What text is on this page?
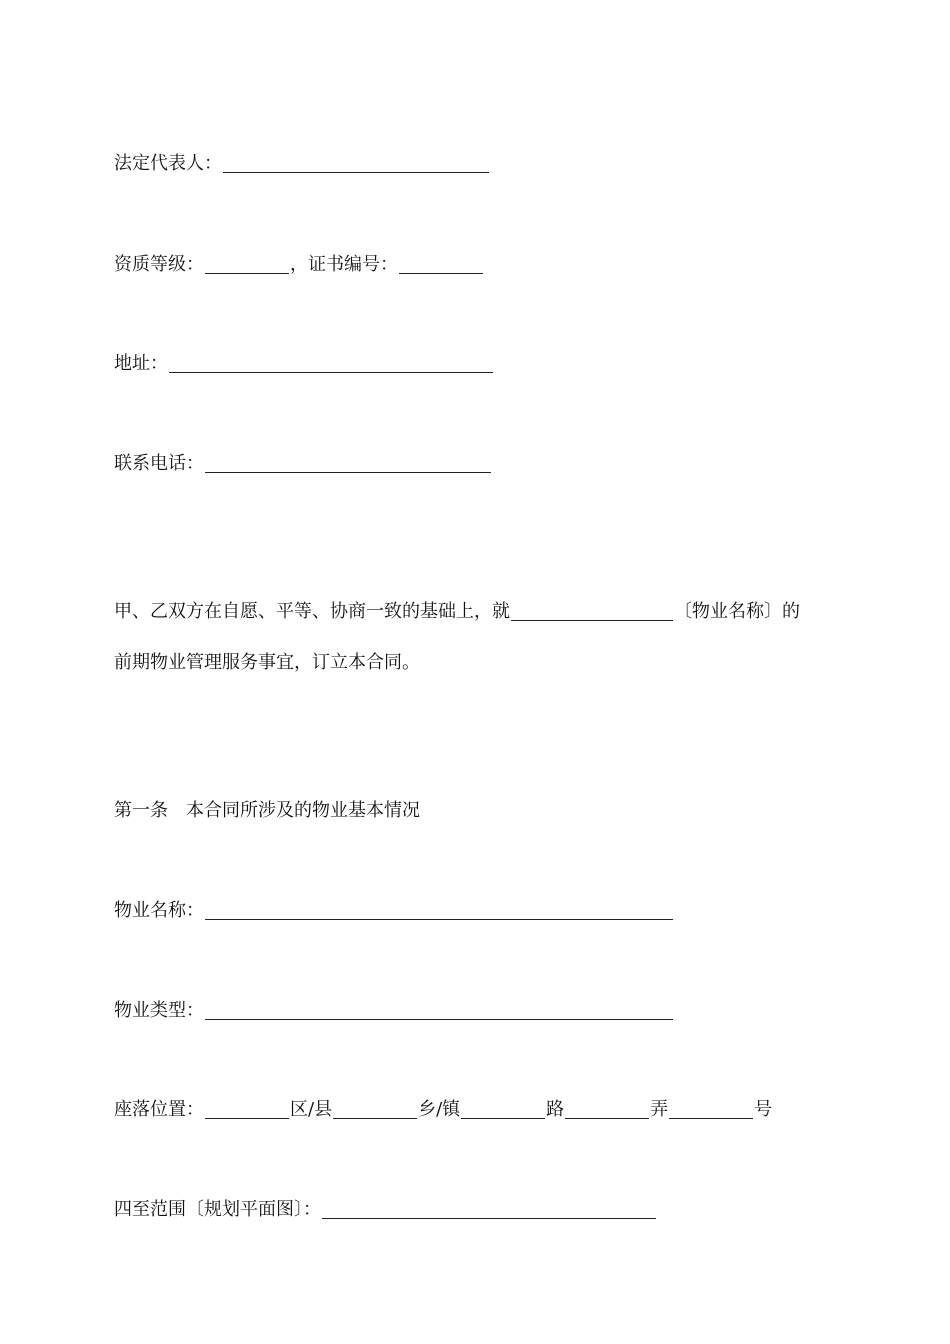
法定代表人：
资质等级：	，证书编号：
地址：
联系电话：
甲、乙双方在自愿、平等、协商一致的基础上，就	〔物业名称〕的
前期物业管理服务事宜，订立本合同。
第一条　本合同所涉及的物业基本情况
物业名称：
物业类型：
座落位置：	区/县	乡/镇	路	弄	号
四至范围〔规划平面图〕：
